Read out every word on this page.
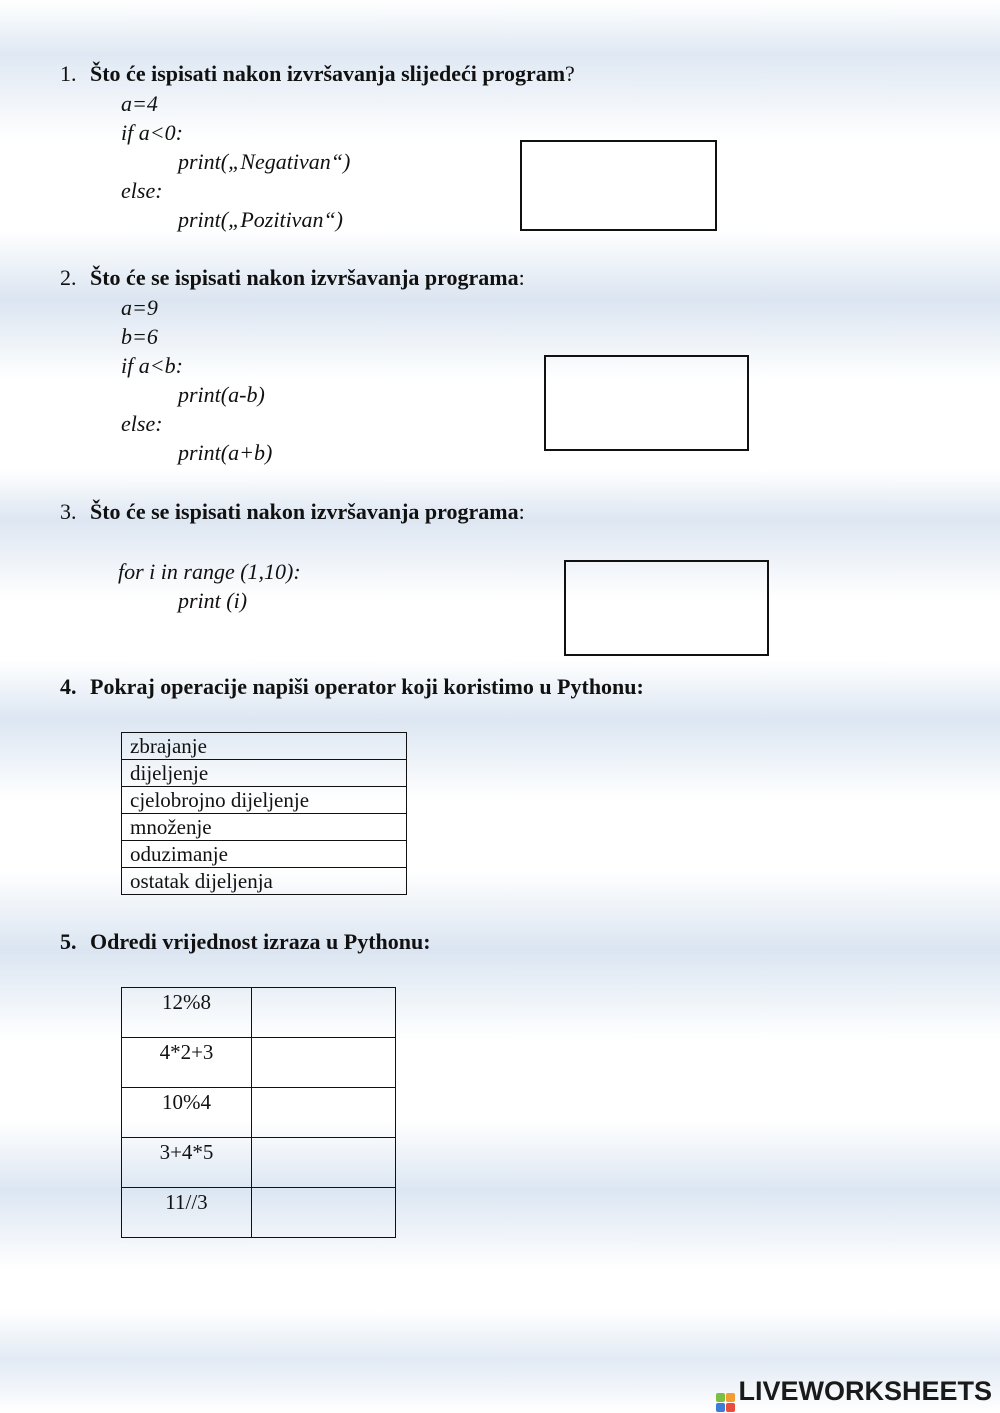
1. Što će ispisati nakon izvršavanja slijedeći program?
a=4
if a<0:
print(„Negativan“)
else:
print(„Pozitivan“)
2. Što će se ispisati nakon izvršavanja programa:
a=9
b=6
if a<b:
print(a-b)
else:
print(a+b)
3. Što će se ispisati nakon izvršavanja programa:
for i in range (1,10):
print (i)
4. Pokraj operacije napiši operator koji koristimo u Pythonu:
zbrajanje
dijeljenje
cjelobrojno dijeljenje
množenje
oduzimanje
ostatak dijeljenja
5. Odredi vrijednost izraza u Pythonu:
12%8	
4*2+3	
10%4	
3+4*5	
11//3	
LIVEWORKSHEETS
